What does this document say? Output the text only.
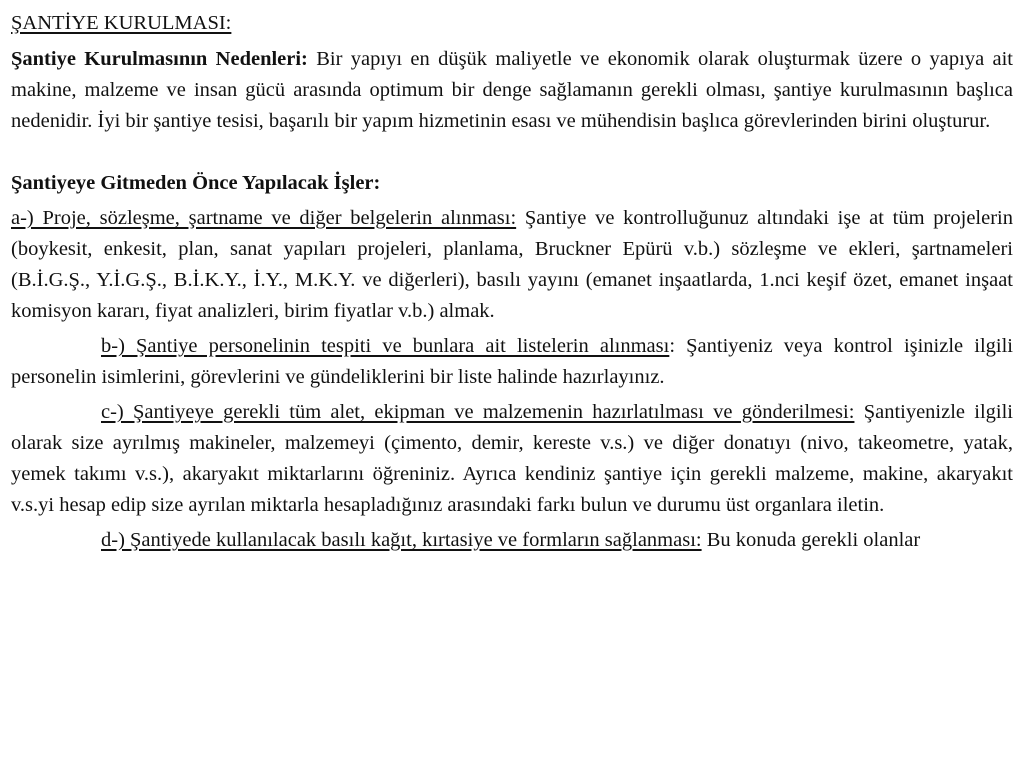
ŞANTİYE KURULMASI:

Şantiye Kurulmasının Nedenleri: Bir yapıyı en düşük maliyetle ve ekonomik olarak oluşturmak üzere o yapıya ait makine, malzeme ve insan gücü arasında optimum bir denge sağlamanın gerekli olması, şantiye kurulmasının başlıca nedenidir. İyi bir şantiye tesisi, başarılı bir yapım hizmetinin esası ve mühendisin başlıca görevlerinden birini oluşturur.

Şantiyeye Gitmeden Önce Yapılacak İşler:

a-) Proje, sözleşme, şartname ve diğer belgelerin alınması: Şantiye ve kontrolluğunuz altındaki işe at tüm projelerin (boykesit, enkesit, plan, sanat yapıları projeleri, planlama, Bruckner Epürü v.b.) sözleşme ve ekleri, şartnameleri (B.İ.G.Ş., Y.İ.G.Ş., B.İ.K.Y., İ.Y., M.K.Y. ve diğerleri), basılı yayını (emanet inşaatlarda, 1.nci keşif özet, emanet inşaat komisyon kararı, fiyat analizleri, birim fiyatlar v.b.) almak.

b-) Şantiye personelinin tespiti ve bunlara ait listelerin alınması: Şantiyeniz veya kontrol işinizle ilgili personelin isimlerini, görevlerini ve gündeliklerini bir liste halinde hazırlayınız.

c-) Şantiyeye gerekli tüm alet, ekipman ve malzemenin hazırlatılması ve gönderilmesi: Şantiyenizle ilgili olarak size ayrılmış makineler, malzemeyi (çimento, demir, kereste v.s.) ve diğer donatıyı (nivo, takeometre, yatak, yemek takımı v.s.), akaryakıt miktarlarını öğreniniz. Ayrıca kendiniz şantiye için gerekli malzeme, makine, akaryakıt v.s.yi hesap edip size ayrılan miktarla hesapladığınız arasındaki farkı bulun ve durumu üst organlara iletin.

d-) Şantiyede kullanılacak basılı kağıt, kırtasiye ve formların sağlanması: Bu konuda gerekli olanlar
